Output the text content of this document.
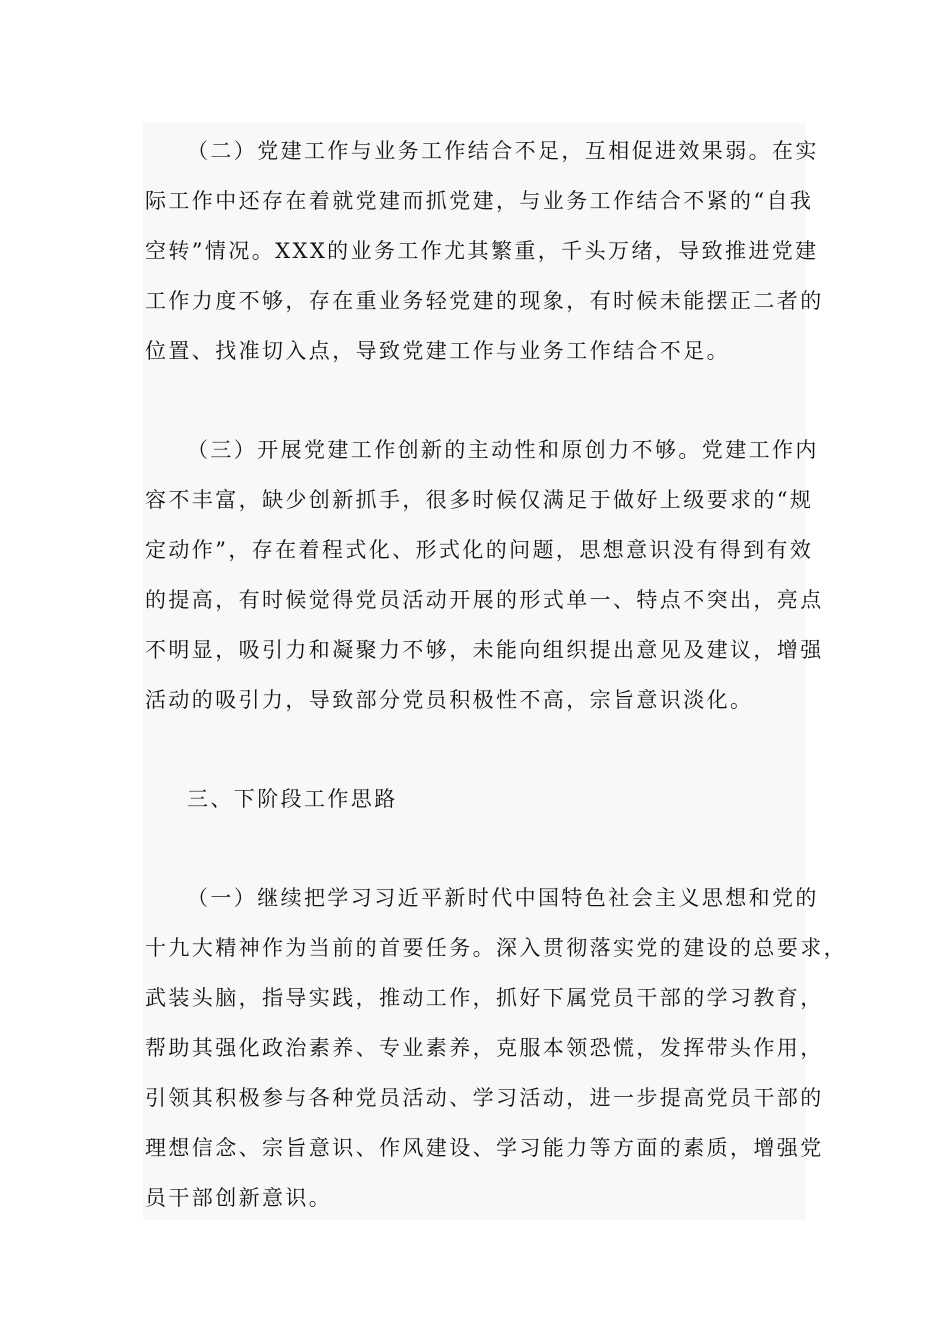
（二）党建工作与业务工作结合不足，互相促进效果弱。在实
际工作中还存在着就党建而抓党建，与业务工作结合不紧的“自我
空转”情况。XXX的业务工作尤其繁重，千头万绪，导致推进党建
工作力度不够，存在重业务轻党建的现象，有时候未能摆正二者的
位置、找准切入点，导致党建工作与业务工作结合不足。
（三）开展党建工作创新的主动性和原创力不够。党建工作内
容不丰富，缺少创新抓手，很多时候仅满足于做好上级要求的“规
定动作”，存在着程式化、形式化的问题，思想意识没有得到有效
的提高，有时候觉得党员活动开展的形式单一、特点不突出，亮点
不明显，吸引力和凝聚力不够，未能向组织提出意见及建议，增强
活动的吸引力，导致部分党员积极性不高，宗旨意识淡化。
三、下阶段工作思路
（一）继续把学习习近平新时代中国特色社会主义思想和党的
十九大精神作为当前的首要任务。深入贯彻落实党的建设的总要求，
武装头脑，指导实践，推动工作，抓好下属党员干部的学习教育，
帮助其强化政治素养、专业素养，克服本领恐慌，发挥带头作用，
引领其积极参与各种党员活动、学习活动，进一步提高党员干部的
理想信念、宗旨意识、作风建设、学习能力等方面的素质，增强党
员干部创新意识。
